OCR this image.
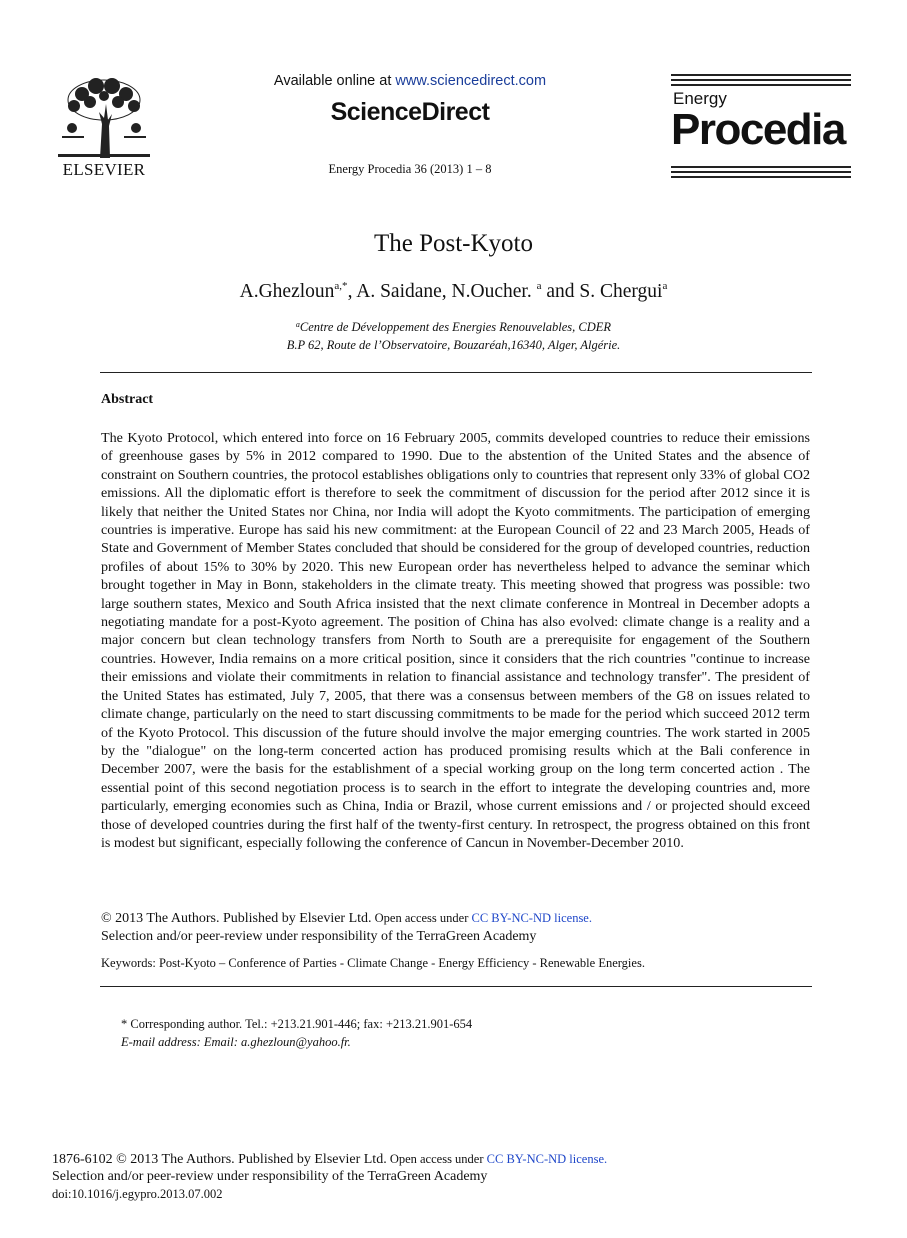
ELSEVIER
Available online at www.sciencedirect.com
ScienceDirect
Energy Procedia 36 (2013) 1 – 8
Energy
Procedia
The Post-Kyoto
A.Ghezloun$^{a,*}$, A. Saidane, N.Oucher. $^a$ and S. Chergui$^a$
$^a$Centre de Développement des Energies Renouvelables, CDER
B.P 62, Route de l’Observatoire, Bouzaréah,16340, Alger, Algérie.
Abstract
The Kyoto Protocol, which entered into force on 16 February 2005, commits developed countries to reduce their emissions of greenhouse gases by 5% in 2012 compared to 1990. Due to the abstention of the United States and the absence of constraint on Southern countries, the protocol establishes obligations only to countries that represent only 33% of global CO2 emissions. All the diplomatic effort is therefore to seek the commitment of discussion for the period after 2012 since it is likely that neither the United States nor China, nor India will adopt the Kyoto commitments. The participation of emerging countries is imperative. Europe has said his new commitment: at the European Council of 22 and 23 March 2005, Heads of State and Government of Member States concluded that should be considered for the group of developed countries, reduction profiles of about 15% to 30% by 2020. This new European order has nevertheless helped to advance the seminar which brought together in May in Bonn, stakeholders in the climate treaty. This meeting showed that progress was possible: two large southern states, Mexico and South Africa insisted that the next climate conference in Montreal in December adopts a negotiating mandate for a post-Kyoto agreement. The position of China has also evolved: climate change is a reality and a major concern but clean technology transfers from North to South are a prerequisite for engagement of the Southern countries. However, India remains on a more critical position, since it considers that the rich countries "continue to increase their emissions and violate their commitments in relation to financial assistance and technology transfer". The president of the United States has estimated, July 7, 2005, that there was a consensus between members of the G8 on issues related to climate change, particularly on the need to start discussing commitments to be made for the period which succeed 2012 term of the Kyoto Protocol. This discussion of the future should involve the major emerging countries. The work started in 2005 by the "dialogue" on the long-term concerted action has produced promising results which at the Bali conference in December 2007, were the basis for the establishment of a special working group on the long term concerted action . The essential point of this second negotiation process is to search in the effort to integrate the developing countries and, more particularly, emerging economies such as China, India or Brazil, whose current emissions and / or projected should exceed those of developed countries during the first half of the twenty-first century. In retrospect, the progress obtained on this front is modest but significant, especially following the conference of Cancun in November-December 2010.
© 2013 The Authors. Published by Elsevier Ltd. Open access under CC BY-NC-ND license.
Selection and/or peer-review under responsibility of the TerraGreen Academy
Keywords: Post-Kyoto – Conference of Parties - Climate Change - Energy Efficiency - Renewable Energies.
* Corresponding author. Tel.: +213.21.901-446; fax: +213.21.901-654
E-mail address: Email: a.ghezloun@yahoo.fr.
1876-6102 © 2013 The Authors. Published by Elsevier Ltd. Open access under CC BY-NC-ND license.
Selection and/or peer-review under responsibility of the TerraGreen Academy
doi:10.1016/j.egypro.2013.07.002
